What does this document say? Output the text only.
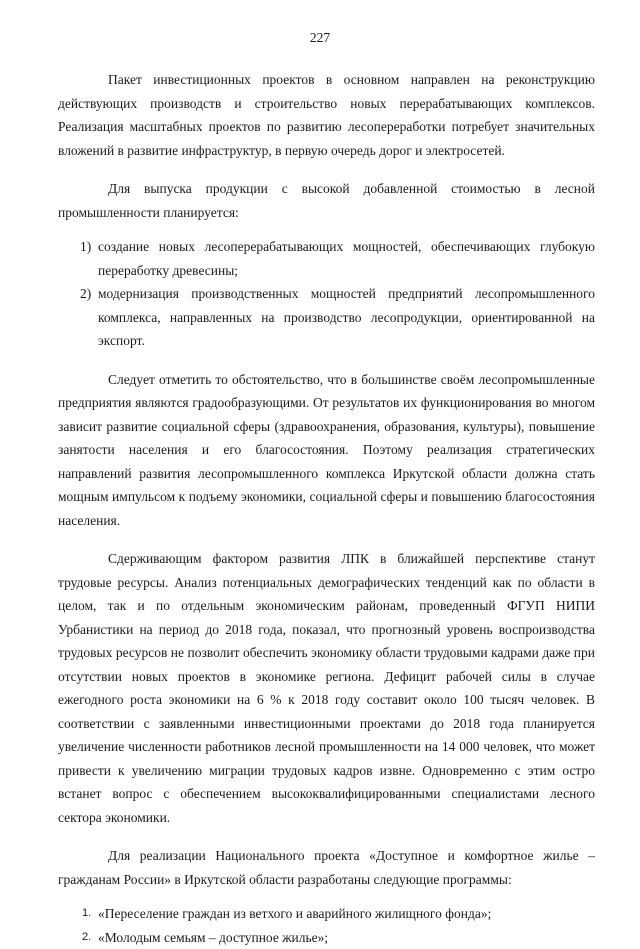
227

Пакет инвестиционных проектов в основном направлен на реконструкцию действующих производств и строительство новых перерабатывающих комплексов. Реализация масштабных проектов по развитию лесопереработки потребует значительных вложений в развитие инфраструктур, в первую очередь дорог и электросетей.

Для выпуска продукции с высокой добавленной стоимостью в лесной промышленности планируется:

1) создание новых лесоперерабатывающих мощностей, обеспечивающих глубокую переработку древесины;
2) модернизация производственных мощностей предприятий лесопромышленного комплекса, направленных на производство лесопродукции, ориентированной на экспорт.

Следует отметить то обстоятельство, что в большинстве своём лесопромышленные предприятия являются градообразующими. От результатов их функционирования во многом зависит развитие социальной сферы (здравоохранения, образования, культуры), повышение занятости населения и его благосостояния. Поэтому реализация стратегических направлений развития лесопромышленного комплекса Иркутской области должна стать мощным импульсом к подъему экономики, социальной сферы и повышению благосостояния населения.

Сдерживающим фактором развития ЛПК в ближайшей перспективе станут трудовые ресурсы. Анализ потенциальных демографических тенденций как по области в целом, так и по отдельным экономическим районам, проведенный ФГУП НИПИ Урбанистики на период до 2018 года, показал, что прогнозный уровень воспроизводства трудовых ресурсов не позволит обеспечить экономику области трудовыми кадрами даже при отсутствии новых проектов в экономике региона. Дефицит рабочей силы в случае ежегодного роста экономики на 6 % к 2018 году составит около 100 тысяч человек. В соответствии с заявленными инвестиционными проектами до 2018 года планируется увеличение численности работников лесной промышленности на 14 000 человек, что может привести к увеличению миграции трудовых кадров извне. Одновременно с этим остро встанет вопрос с обеспечением высококвалифицированными специалистами лесного сектора экономики.

Для реализации Национального проекта «Доступное и комфортное жилье – гражданам России» в Иркутской области разработаны следующие программы:

1. «Переселение граждан из ветхого и аварийного жилищного фонда»;
2. «Молодым семьям – доступное жилье»;
